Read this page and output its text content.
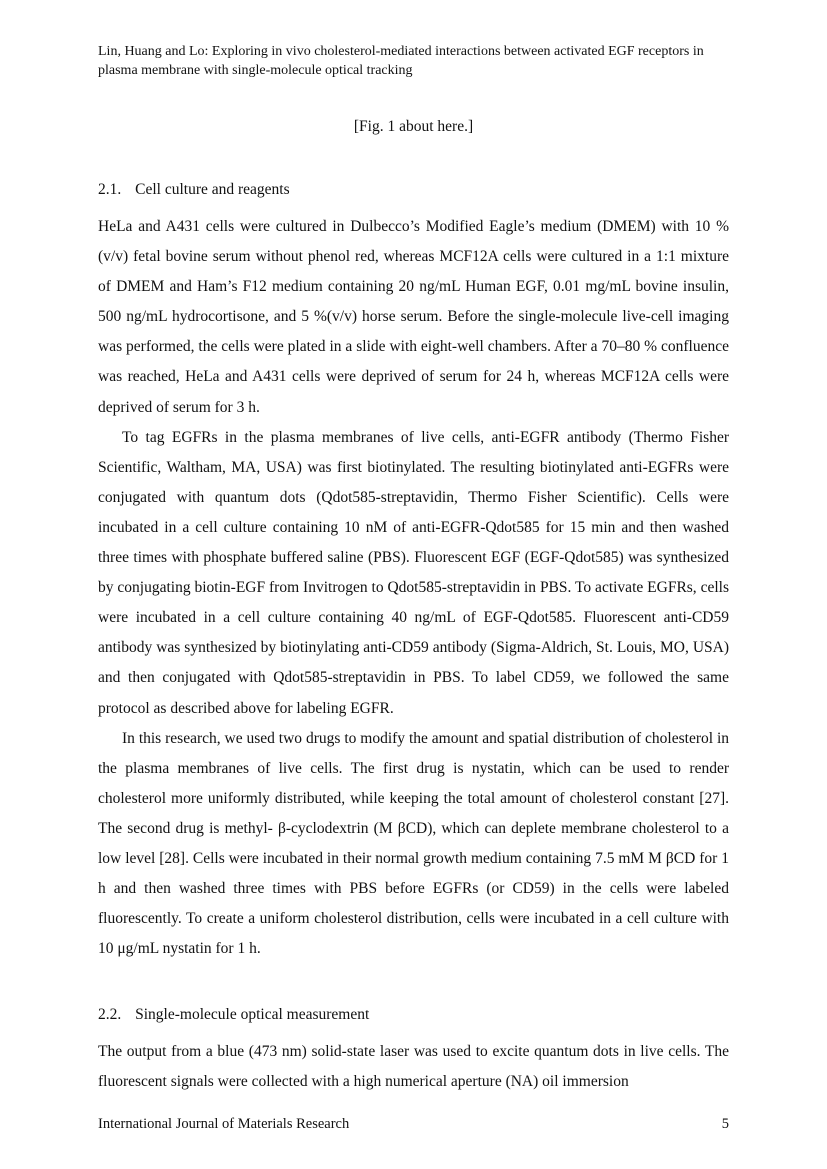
Lin, Huang and Lo: Exploring in vivo cholesterol-mediated interactions between activated EGF receptors in plasma membrane with single-molecule optical tracking
[Fig. 1 about here.]
2.1. Cell culture and reagents

HeLa and A431 cells were cultured in Dulbecco’s Modified Eagle’s medium (DMEM) with 10 % (v/v) fetal bovine serum without phenol red, whereas MCF12A cells were cultured in a 1:1 mixture of DMEM and Ham’s F12 medium containing 20 ng/mL Human EGF, 0.01 mg/mL bovine insulin, 500 ng/mL hydrocortisone, and 5 %(v/v) horse serum. Before the single-molecule live-cell imaging was performed, the cells were plated in a slide with eight-well chambers. After a 70–80 % confluence was reached, HeLa and A431 cells were deprived of serum for 24 h, whereas MCF12A cells were deprived of serum for 3 h.

To tag EGFRs in the plasma membranes of live cells, anti-EGFR antibody (Thermo Fisher Scientific, Waltham, MA, USA) was first biotinylated. The resulting biotinylated anti-EGFRs were conjugated with quantum dots (Qdot585-streptavidin, Thermo Fisher Scientific). Cells were incubated in a cell culture containing 10 nM of anti-EGFR-Qdot585 for 15 min and then washed three times with phosphate buffered saline (PBS). Fluorescent EGF (EGF-Qdot585) was synthesized by conjugating biotin-EGF from Invitrogen to Qdot585-streptavidin in PBS. To activate EGFRs, cells were incubated in a cell culture containing 40 ng/mL of EGF-Qdot585. Fluorescent anti-CD59 antibody was synthesized by biotinylating anti-CD59 antibody (Sigma-Aldrich, St. Louis, MO, USA) and then conjugated with Qdot585-streptavidin in PBS. To label CD59, we followed the same protocol as described above for labeling EGFR.

In this research, we used two drugs to modify the amount and spatial distribution of cholesterol in the plasma membranes of live cells. The first drug is nystatin, which can be used to render cholesterol more uniformly distributed, while keeping the total amount of cholesterol constant [27]. The second drug is methyl- β-cyclodextrin (M βCD), which can deplete membrane cholesterol to a low level [28]. Cells were incubated in their normal growth medium containing 7.5 mM M βCD for 1 h and then washed three times with PBS before EGFRs (or CD59) in the cells were labeled fluorescently. To create a uniform cholesterol distribution, cells were incubated in a cell culture with 10 μg/mL nystatin for 1 h.

2.2. Single-molecule optical measurement

The output from a blue (473 nm) solid-state laser was used to excite quantum dots in live cells. The fluorescent signals were collected with a high numerical aperture (NA) oil immersion

International Journal of Materials Research	5
